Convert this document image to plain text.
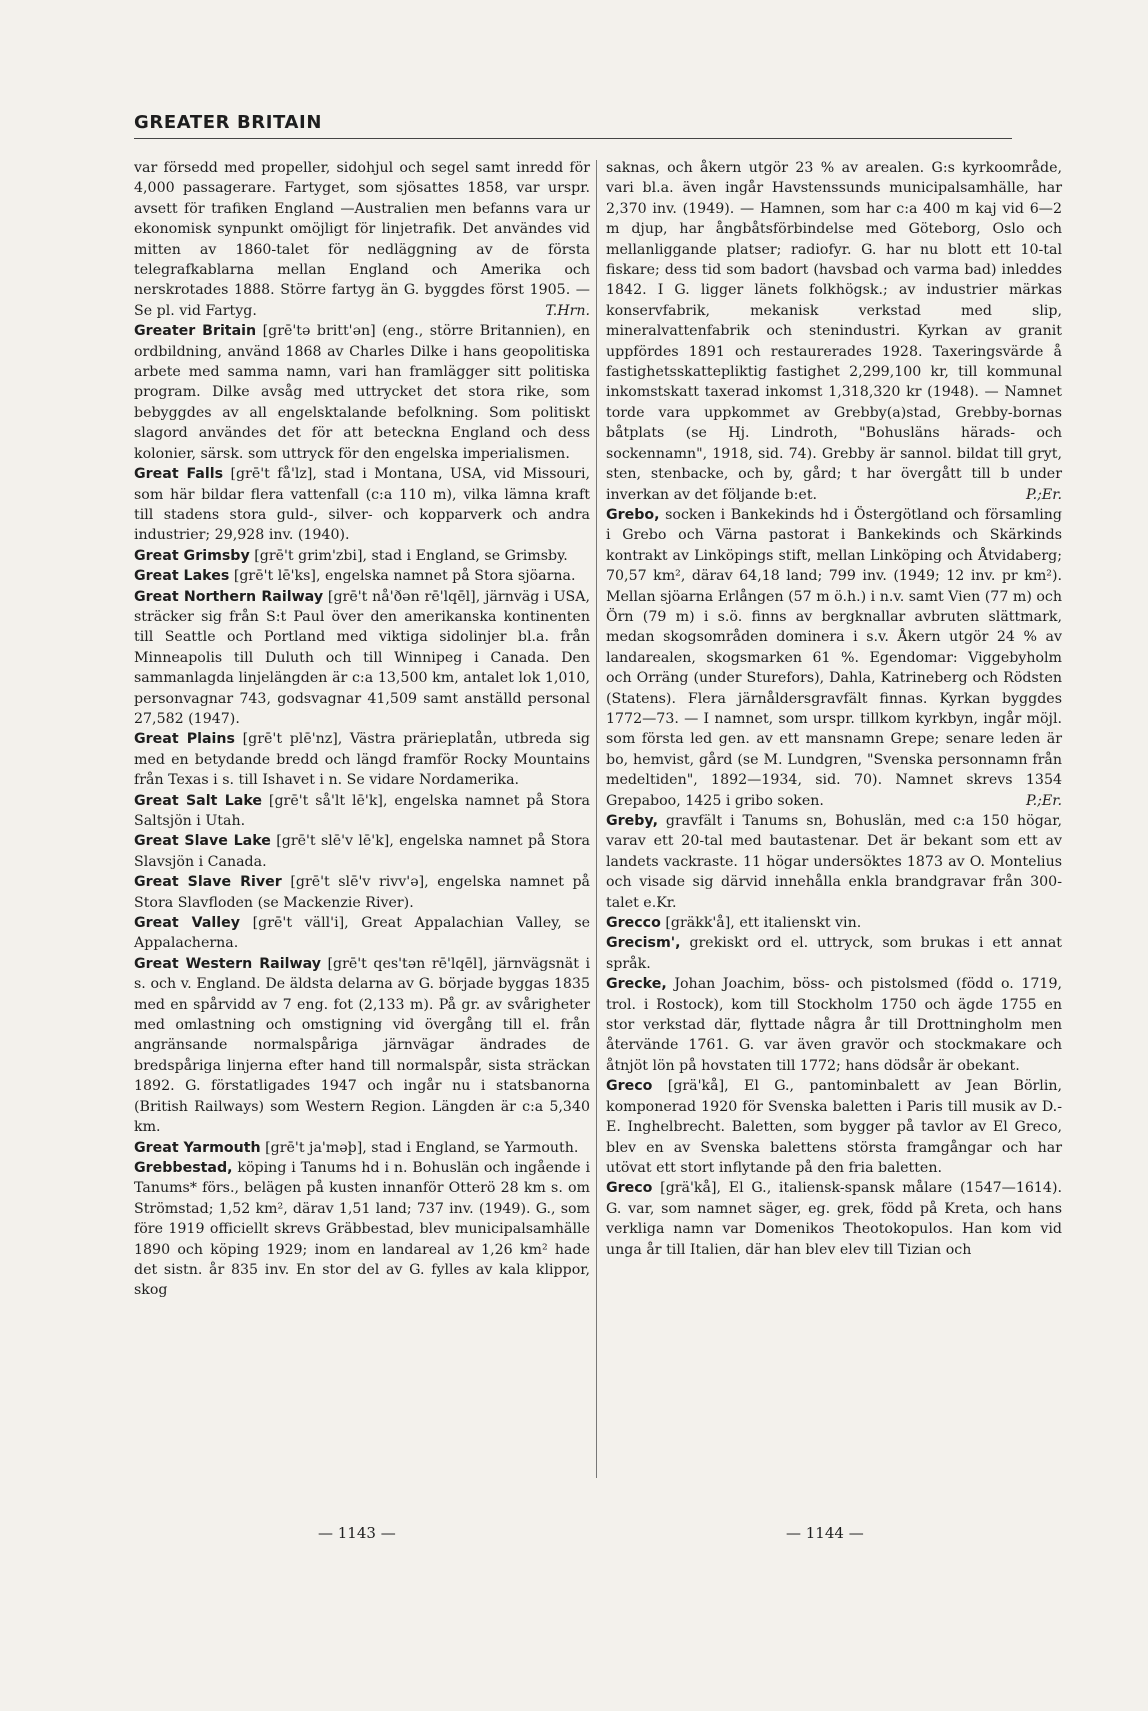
GREATER BRITAIN

var försedd med propeller, sidohjul och segel samt inredd för 4,000 passagerare. Fartyget, som sjösattes 1858, var urspr. avsett för trafiken England —Australien men befanns vara ur ekonomisk synpunkt omöjligt för linjetrafik. Det användes vid mitten av 1860-talet för nedläggning av de första telegrafkablarna mellan England och Amerika och nerskrotades 1888. Större fartyg än G. byggdes först 1905. — Se pl. vid Fartyg.	T.Hrn.

Greater Britain [grē'tə britt'ən] (eng., större Britannien), en ordbildning, använd 1868 av Charles Dilke i hans geopolitiska arbete med samma namn, vari han framlägger sitt politiska program. Dilke avsåg med uttrycket det stora rike, som bebyggdes av all engelsktalande befolkning. Som politiskt slagord användes det för att beteckna England och dess kolonier, särsk. som uttryck för den engelska imperialismen.

Great Falls [grē't få'lz], stad i Montana, USA, vid Missouri, som här bildar flera vattenfall (c:a 110 m), vilka lämna kraft till stadens stora guld-, silver- och kopparverk och andra industrier; 29,928 inv. (1940).

Great Grimsby [grē't grim'zbi], stad i England, se Grimsby.

Great Lakes [grē't lē'ks], engelska namnet på Stora sjöarna.

Great Northern Railway [grē't nå'ðən rē'lqēl], järnväg i USA, sträcker sig från S:t Paul över den amerikanska kontinenten till Seattle och Portland med viktiga sidolinjer bl.a. från Minneapolis till Duluth och till Winnipeg i Canada. Den sammanlagda linjelängden är c:a 13,500 km, antalet lok 1,010, personvagnar 743, godsvagnar 41,509 samt anställd personal 27,582 (1947).

Great Plains [grē't plē'nz], Västra prärieplatån, utbreda sig med en betydande bredd och längd framför Rocky Mountains från Texas i s. till Ishavet i n. Se vidare Nordamerika.

Great Salt Lake [grē't så'lt lē'k], engelska namnet på Stora Saltsjön i Utah.

Great Slave Lake [grē't slē'v lē'k], engelska namnet på Stora Slavsjön i Canada.

Great Slave River [grē't slē'v rivv'ə], engelska namnet på Stora Slavfloden (se Mackenzie River).

Great Valley [grē't väll'i], Great Appalachian Valley, se Appalacherna.

Great Western Railway [grē't qes'tən rē'lqēl], järnvägsnät i s. och v. England. De äldsta delarna av G. började byggas 1835 med en spårvidd av 7 eng. fot (2,133 m). På gr. av svårigheter med omlastning och omstigning vid övergång till el. från angränsande normalspåriga järnvägar ändrades de bredspåriga linjerna efter hand till normalspår, sista sträckan 1892. G. förstatligades 1947 och ingår nu i statsbanorna (British Railways) som Western Region. Längden är c:a 5,340 km.

Great Yarmouth [grē't ja'məþ], stad i England, se Yarmouth.

Grebbestad, köping i Tanums hd i n. Bohuslän och ingående i Tanums* förs., belägen på kusten innanför Otterö 28 km s. om Strömstad; 1,52 km², därav 1,51 land; 737 inv. (1949). G., som före 1919 officiellt skrevs Gräbbestad, blev municipalsamhälle 1890 och köping 1929; inom en landareal av 1,26 km² hade det sistn. år 835 inv. En stor del av G. fylles av kala klippor, skog

saknas, och åkern utgör 23 % av arealen. G:s kyrkoområde, vari bl.a. även ingår Havstenssunds municipalsamhälle, har 2,370 inv. (1949). — Hamnen, som har c:a 400 m kaj vid 6—2 m djup, har ångbåtsförbindelse med Göteborg, Oslo och mellanliggande platser; radiofyr. G. har nu blott ett 10-tal fiskare; dess tid som badort (havsbad och varma bad) inleddes 1842. I G. ligger länets folkhögsk.; av industrier märkas konservfabrik, mekanisk verkstad med slip, mineralvattenfabrik och stenindustri. Kyrkan av granit uppfördes 1891 och restaurerades 1928. Taxeringsvärde å fastighetsskattepliktig fastighet 2,299,100 kr, till kommunal inkomstskatt taxerad inkomst 1,318,320 kr (1948). — Namnet torde vara uppkommet av Grebby(a)stad, Grebby-bornas båtplats (se Hj. Lindroth, "Bohusläns härads- och sockennamn", 1918, sid. 74). Grebby är sannol. bildat till gryt, sten, stenbacke, och by, gård; t har övergått till b under inverkan av det följande b:et.	P.;Er.

Grebo, socken i Bankekinds hd i Östergötland och församling i Grebo och Värna pastorat i Bankekinds och Skärkinds kontrakt av Linköpings stift, mellan Linköping och Åtvidaberg; 70,57 km², därav 64,18 land; 799 inv. (1949; 12 inv. pr km²). Mellan sjöarna Erlången (57 m ö.h.) i n.v. samt Vien (77 m) och Örn (79 m) i s.ö. finns av bergknallar avbruten slättmark, medan skogsområden dominera i s.v. Åkern utgör 24 % av landarealen, skogsmarken 61 %. Egendomar: Viggebyholm och Orräng (under Sturefors), Dahla, Katrineberg och Rödsten (Statens). Flera järnåldersgravfält finnas. Kyrkan byggdes 1772—73. — I namnet, som urspr. tillkom kyrkbyn, ingår möjl. som första led gen. av ett mansnamn Grepe; senare leden är bo, hemvist, gård (se M. Lundgren, "Svenska personnamn från medeltiden", 1892—1934, sid. 70). Namnet skrevs 1354 Grepaboo, 1425 i gribo soken.	P.;Er.

Greby, gravfält i Tanums sn, Bohuslän, med c:a 150 högar, varav ett 20-tal med bautastenar. Det är bekant som ett av landets vackraste. 11 högar undersöktes 1873 av O. Montelius och visade sig därvid innehålla enkla brandgravar från 300-talet e.Kr.

Grecco [gräkk'å], ett italienskt vin.

Grecism', grekiskt ord el. uttryck, som brukas i ett annat språk.

Grecke, Johan Joachim, böss- och pistolsmed (född o. 1719, trol. i Rostock), kom till Stockholm 1750 och ägde 1755 en stor verkstad där, flyttade några år till Drottningholm men återvände 1761. G. var även gravör och stockmakare och åtnjöt lön på hovstaten till 1772; hans dödsår är obekant.

Greco [grä'kå], El G., pantominbalett av Jean Börlin, komponerad 1920 för Svenska baletten i Paris till musik av D.-E. Inghelbrecht. Baletten, som bygger på tavlor av El Greco, blev en av Svenska balettens största framgångar och har utövat ett stort inflytande på den fria baletten.

Greco [grä'kå], El G., italiensk-spansk målare (1547—1614). G. var, som namnet säger, eg. grek, född på Kreta, och hans verkliga namn var Domenikos Theotokopulos. Han kom vid unga år till Italien, där han blev elev till Tizian och

— 1143 —	— 1144 —
